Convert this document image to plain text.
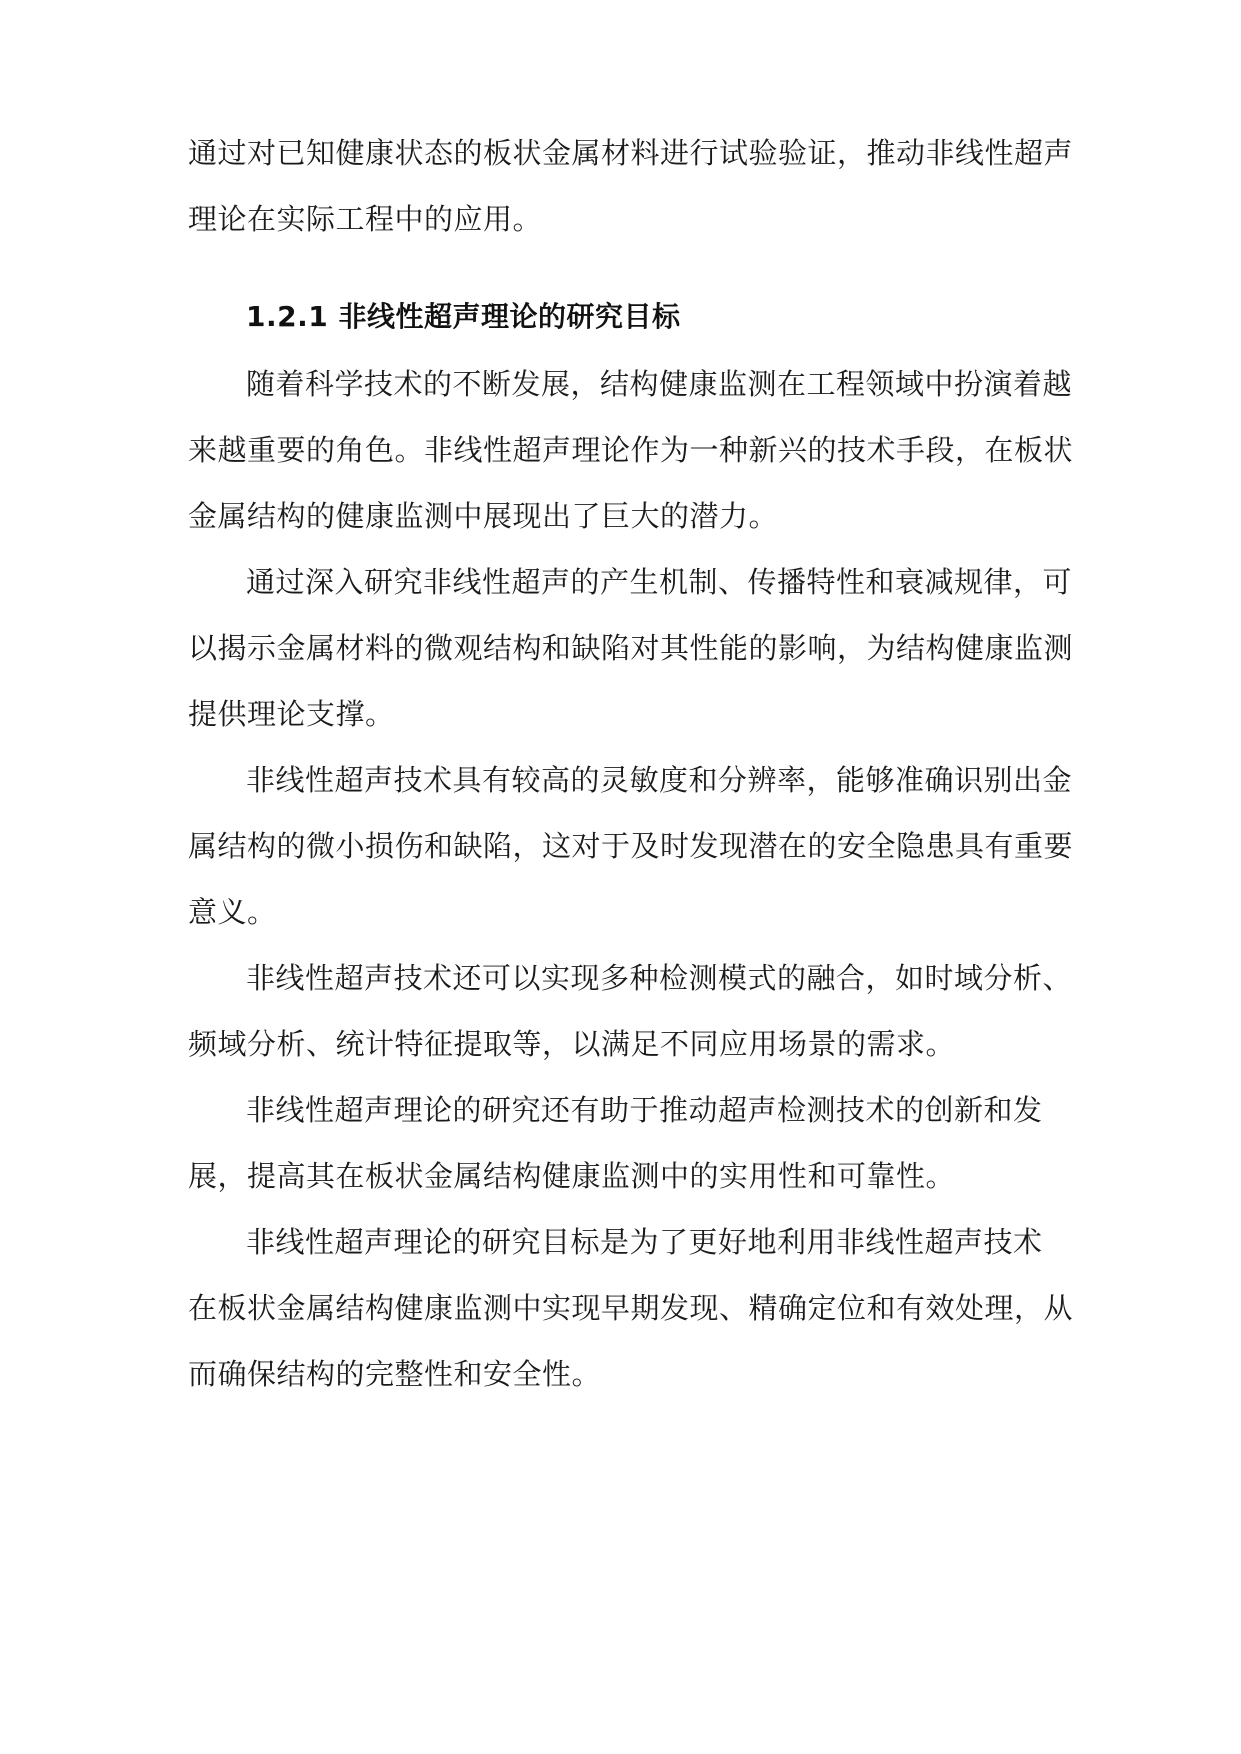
通过对已知健康状态的板状金属材料进行试验验证，推动非线性超声
理论在实际工程中的应用。
1.2.1 非线性超声理论的研究目标
随着科学技术的不断发展，结构健康监测在工程领域中扮演着越
来越重要的角色。非线性超声理论作为一种新兴的技术手段，在板状
金属结构的健康监测中展现出了巨大的潜力。
通过深入研究非线性超声的产生机制、传播特性和衰减规律，可
以揭示金属材料的微观结构和缺陷对其性能的影响，为结构健康监测
提供理论支撑。
非线性超声技术具有较高的灵敏度和分辨率，能够准确识别出金
属结构的微小损伤和缺陷，这对于及时发现潜在的安全隐患具有重要
意义。
非线性超声技术还可以实现多种检测模式的融合，如时域分析、
频域分析、统计特征提取等，以满足不同应用场景的需求。
非线性超声理论的研究还有助于推动超声检测技术的创新和发
展，提高其在板状金属结构健康监测中的实用性和可靠性。
非线性超声理论的研究目标是为了更好地利用非线性超声技术
在板状金属结构健康监测中实现早期发现、精确定位和有效处理，从
而确保结构的完整性和安全性。
